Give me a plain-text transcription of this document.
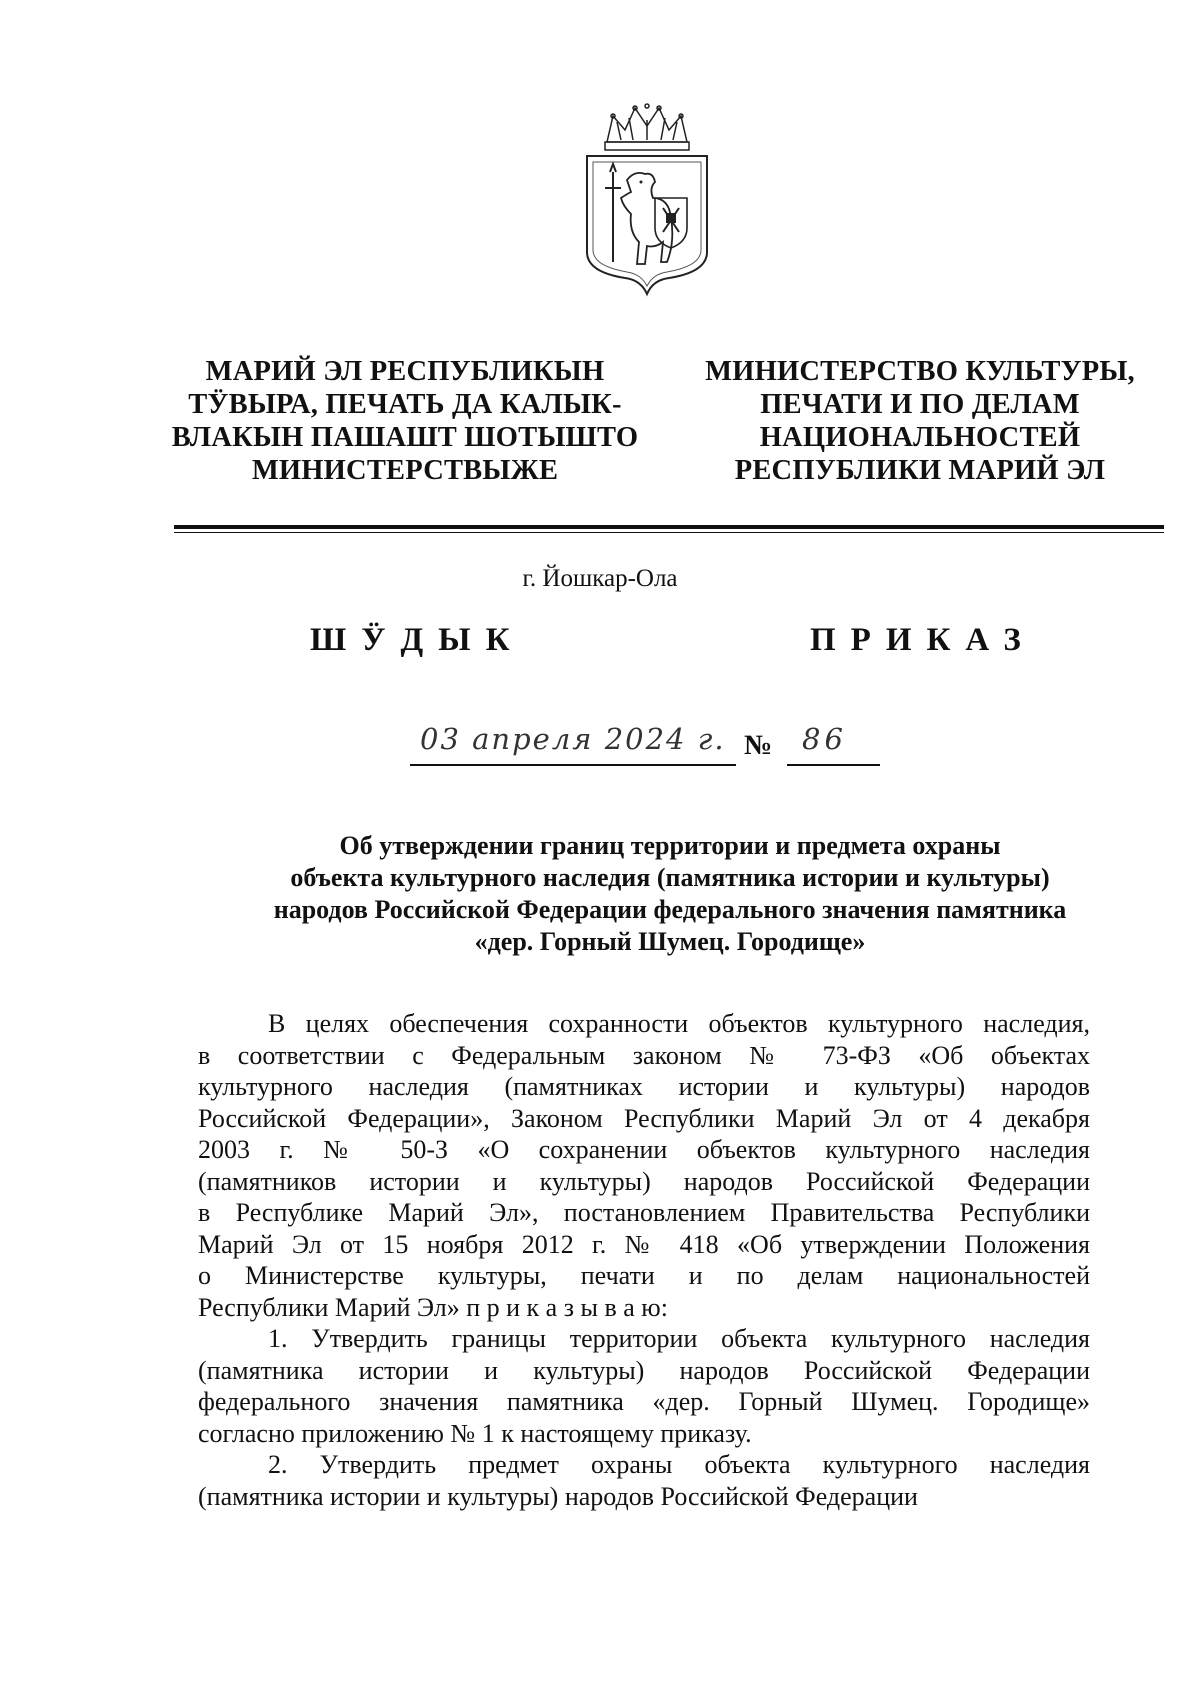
МАРИЙ ЭЛ РЕСПУБЛИКЫН
ТӰВЫРА, ПЕЧАТЬ ДА КАЛЫК-
ВЛАКЫН ПАШАШТ ШОТЫШТО
МИНИСТЕРСТВЫЖЕ
МИНИСТЕРСТВО КУЛЬТУРЫ,
ПЕЧАТИ И ПО ДЕЛАМ
НАЦИОНАЛЬНОСТЕЙ
РЕСПУБЛИКИ МАРИЙ ЭЛ
г. Йошкар-Ола
ШӰДЫК	ПРИКАЗ
03 апреля 2024 г. № 86
Об утверждении границ территории и предмета охраны
объекта культурного наследия (памятника истории и культуры)
народов Российской Федерации федерального значения памятника
«дер. Горный Шумец. Городище»
В целях обеспечения сохранности объектов культурного наследия,
в соответствии с Федеральным законом № 73-ФЗ «Об объектах
культурного наследия (памятниках истории и культуры) народов
Российской Федерации», Законом Республики Марий Эл от 4 декабря
2003 г. № 50-З «О сохранении объектов культурного наследия
(памятников истории и культуры) народов Российской Федерации
в Республике Марий Эл», постановлением Правительства Республики
Марий Эл от 15 ноября 2012 г. № 418 «Об утверждении Положения
о Министерстве культуры, печати и по делам национальностей
Республики Марий Эл» п р и к а з ы в а ю:
1. Утвердить границы территории объекта культурного наследия
(памятника истории и культуры) народов Российской Федерации
федерального значения памятника «дер. Горный Шумец. Городище»
согласно приложению № 1 к настоящему приказу.
2. Утвердить предмет охраны объекта культурного наследия
(памятника истории и культуры) народов Российской Федерации
